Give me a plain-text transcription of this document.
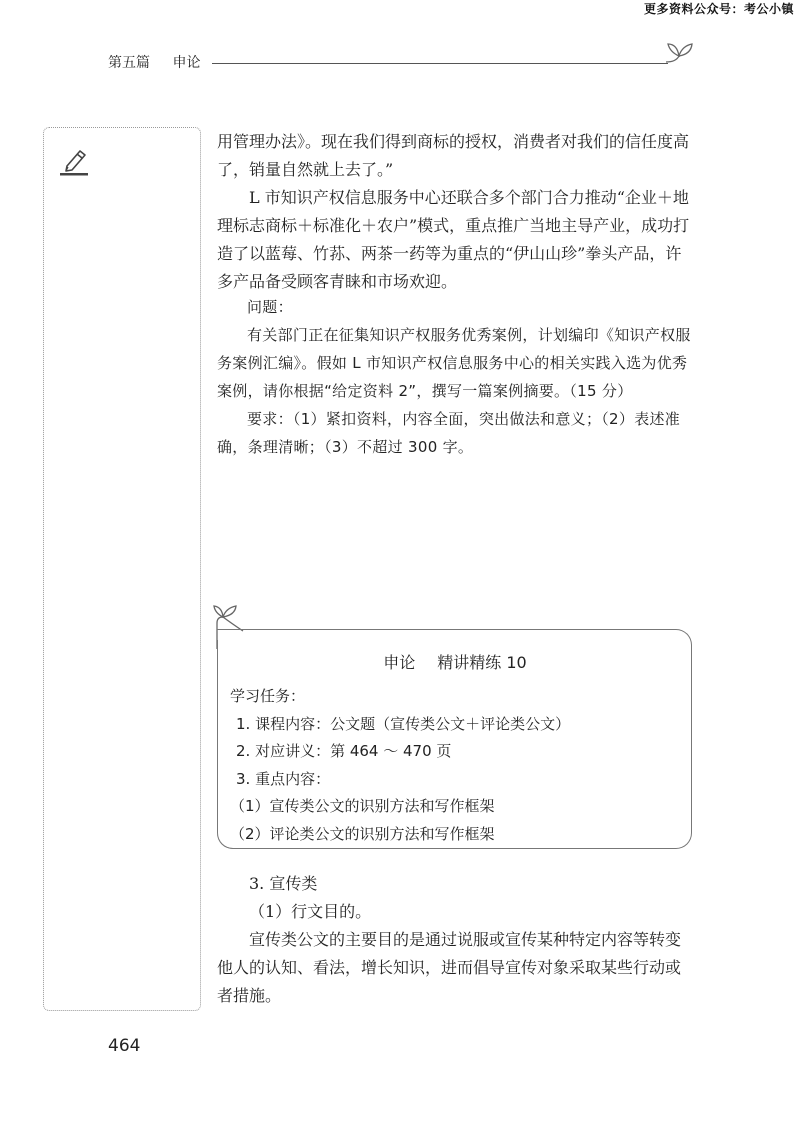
更多资料公众号：考公小镇
第五篇 申论

用管理办法》。现在我们得到商标的授权，消费者对我们的信任度高了，销量自然就上去了。”

L 市知识产权信息服务中心还联合多个部门合力推动“企业＋地理标志商标＋标准化＋农户”模式，重点推广当地主导产业，成功打造了以蓝莓、竹荪、两茶一药等为重点的“伊山山珍”拳头产品，许多产品备受顾客青睐和市场欢迎。

问题：

有关部门正在征集知识产权服务优秀案例，计划编印《知识产权服务案例汇编》。假如 L 市知识产权信息服务中心的相关实践入选为优秀案例，请你根据“给定资料 2”，撰写一篇案例摘要。（15 分）

要求：（1）紧扣资料，内容全面，突出做法和意义；（2）表述准确，条理清晰；（3）不超过 300 字。

申论 精讲精练 10

学习任务：

1. 课程内容：公文题（宣传类公文＋评论类公文）

2. 对应讲义：第 464 ～ 470 页

3. 重点内容：

（1）宣传类公文的识别方法和写作框架

（2）评论类公文的识别方法和写作框架

3. 宣传类

（1）行文目的。

宣传类公文的主要目的是通过说服或宣传某种特定内容等转变他人的认知、看法，增长知识，进而倡导宣传对象采取某些行动或者措施。

464
